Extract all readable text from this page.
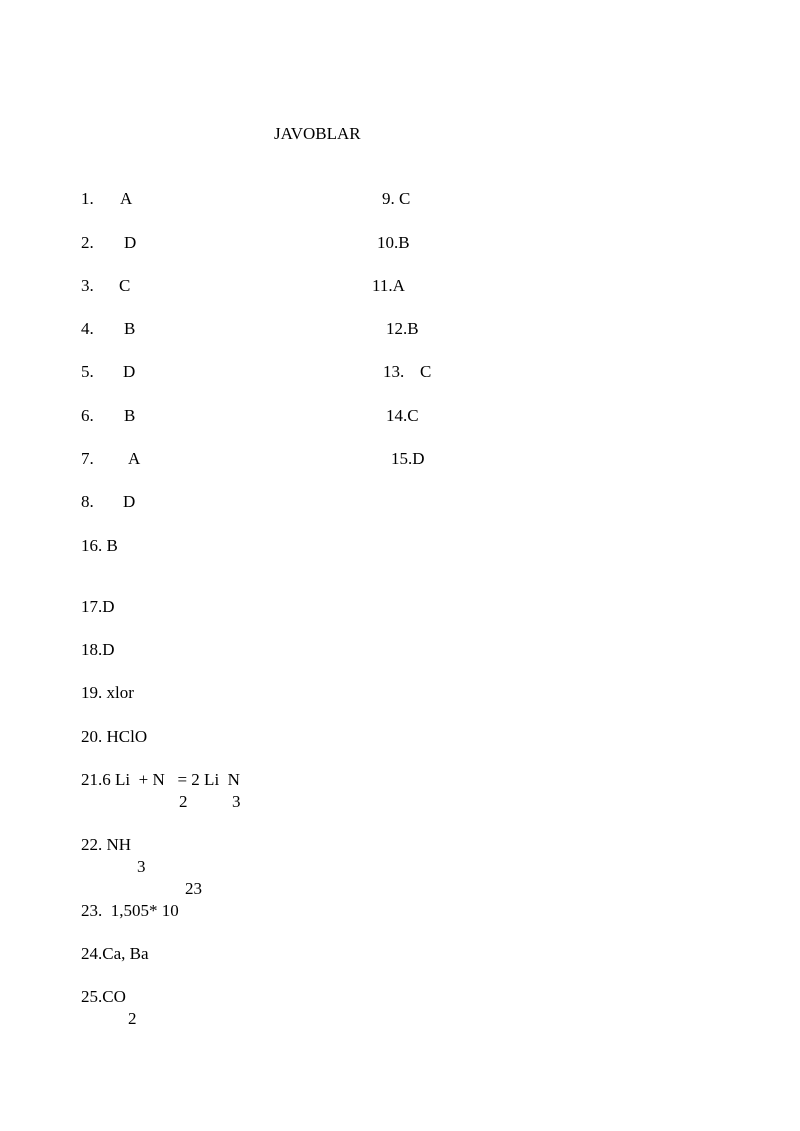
JAVOBLAR
1. A
2. D
3. C
4. B
5. D
6. B
7. A
8. D
9. C
10.B
11.A
12.B
13. C
14.C
15.D
16. B
17.D
18.D
19. xlor
20. HClO
21.6 Li  + N   = 2 Li  N
2	3
22. NH
3
23
23.  1,505* 10
24.Ca, Ba
25.CO
2
